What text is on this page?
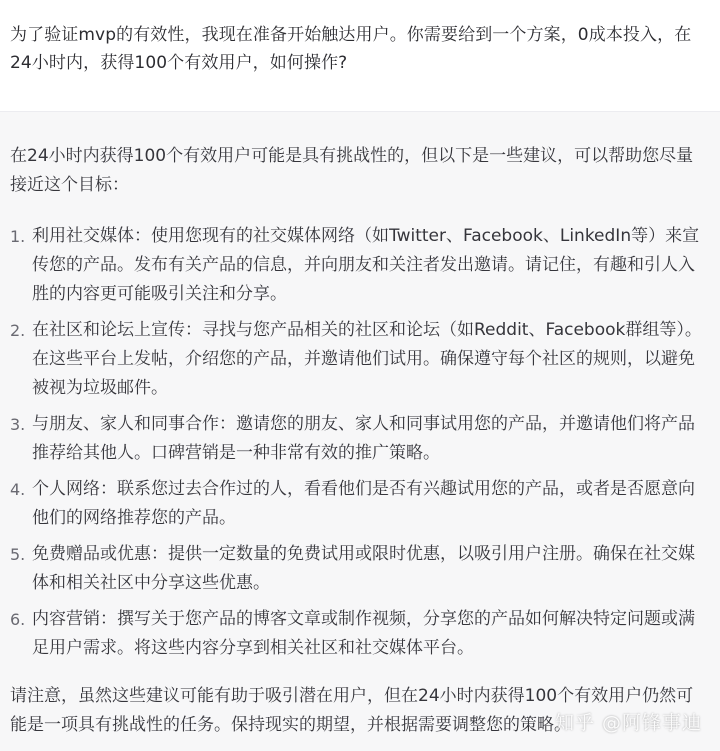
为了验证mvp的有效性，我现在准备开始触达用户。你需要给到一个方案，0成本投入，在24小时内，获得100个有效用户，如何操作?

在24小时内获得100个有效用户可能是具有挑战性的，但以下是一些建议，可以帮助您尽量接近这个目标：

1. 利用社交媒体：使用您现有的社交媒体网络（如Twitter、Facebook、LinkedIn等）来宣传您的产品。发布有关产品的信息，并向朋友和关注者发出邀请。请记住，有趣和引人入胜的内容更可能吸引关注和分享。
2. 在社区和论坛上宣传：寻找与您产品相关的社区和论坛（如Reddit、Facebook群组等）。在这些平台上发帖，介绍您的产品，并邀请他们试用。确保遵守每个社区的规则，以避免被视为垃圾邮件。
3. 与朋友、家人和同事合作：邀请您的朋友、家人和同事试用您的产品，并邀请他们将产品推荐给其他人。口碑营销是一种非常有效的推广策略。
4. 个人网络：联系您过去合作过的人，看看他们是否有兴趣试用您的产品，或者是否愿意向他们的网络推荐您的产品。
5. 免费赠品或优惠：提供一定数量的免费试用或限时优惠，以吸引用户注册。确保在社交媒体和相关社区中分享这些优惠。
6. 内容营销：撰写关于您产品的博客文章或制作视频，分享您的产品如何解决特定问题或满足用户需求。将这些内容分享到相关社区和社交媒体平台。

请注意，虽然这些建议可能有助于吸引潜在用户，但在24小时内获得100个有效用户仍然可能是一项具有挑战性的任务。保持现实的期望，并根据需要调整您的策略。

知乎 @阿锋事迪
